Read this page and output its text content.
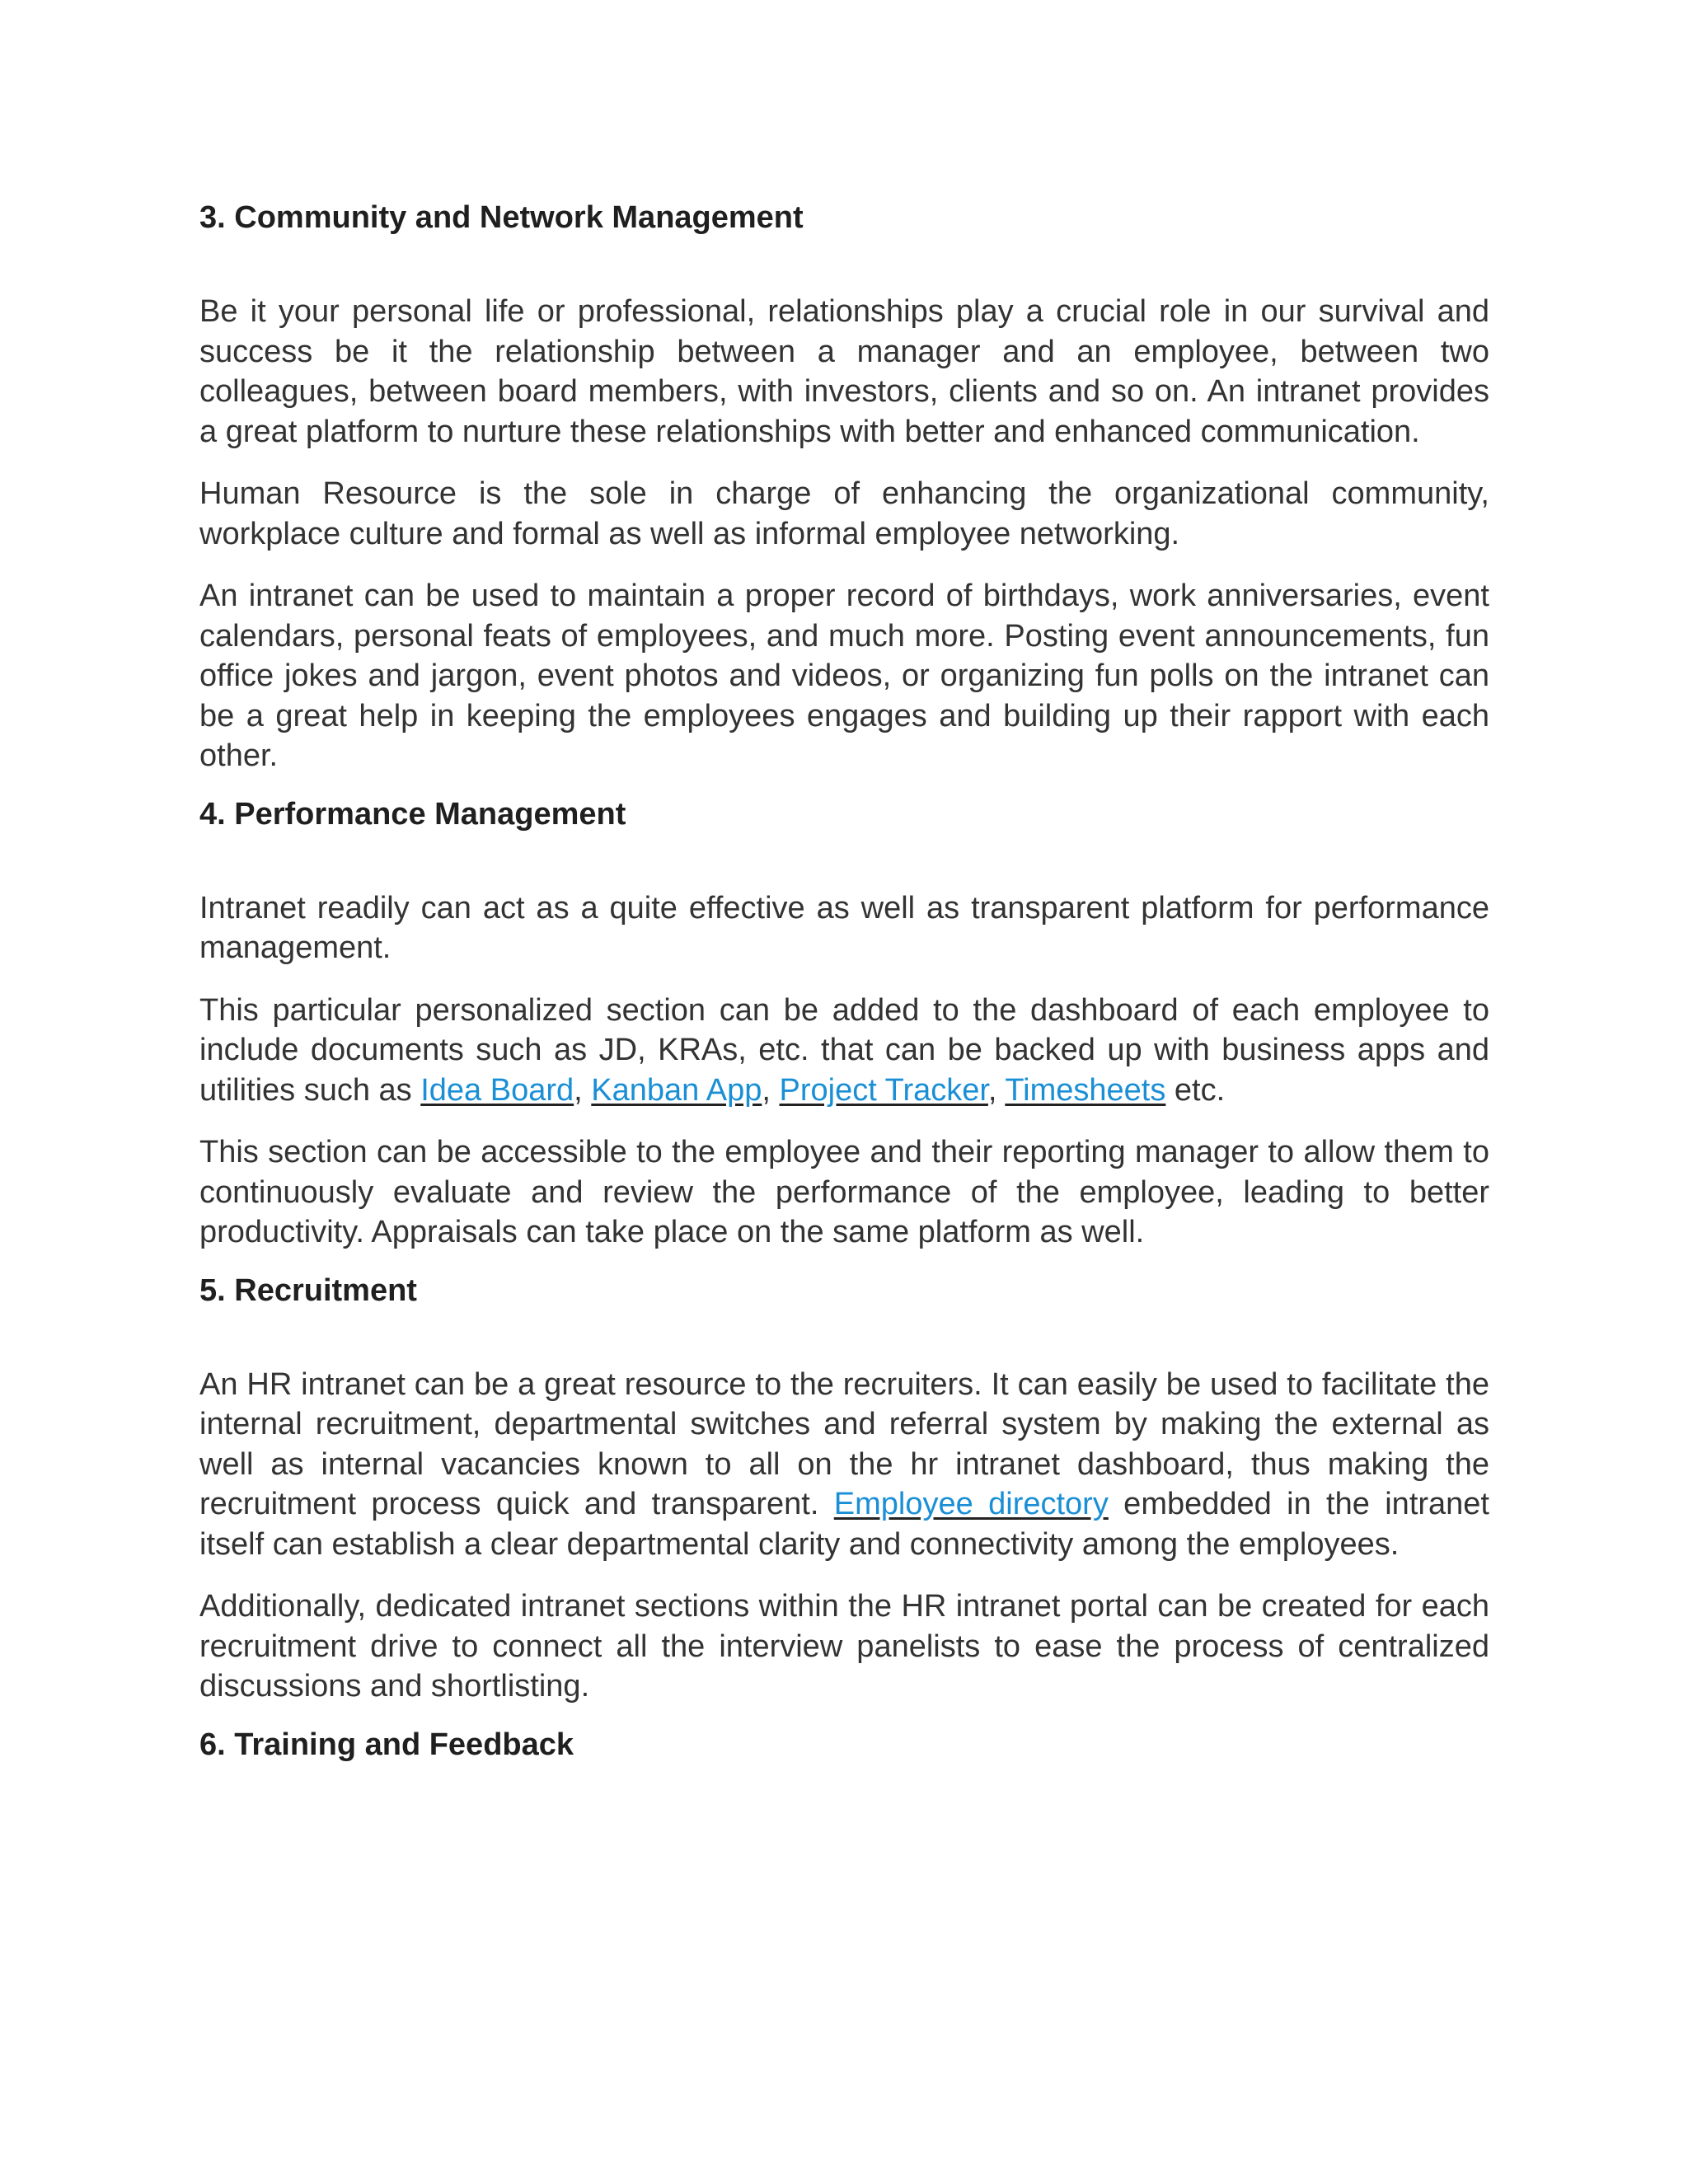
3. Community and Network Management

Be it your personal life or professional, relationships play a crucial role in our survival and success be it the relationship between a manager and an employee, between two colleagues, between board members, with investors, clients and so on. An intranet provides a great platform to nurture these relationships with better and enhanced communication.

Human Resource is the sole in charge of enhancing the organizational community, workplace culture and formal as well as informal employee networking.

An intranet can be used to maintain a proper record of birthdays, work anniversaries, event calendars, personal feats of employees, and much more. Posting event announcements, fun office jokes and jargon, event photos and videos, or organizing fun polls on the intranet can be a great help in keeping the employees engages and building up their rapport with each other.

4. Performance Management

Intranet readily can act as a quite effective as well as transparent platform for performance management.

This particular personalized section can be added to the dashboard of each employee to include documents such as JD, KRAs, etc. that can be backed up with business apps and utilities such as Idea Board, Kanban App, Project Tracker, Timesheets etc.

This section can be accessible to the employee and their reporting manager to allow them to continuously evaluate and review the performance of the employee, leading to better productivity. Appraisals can take place on the same platform as well.

5. Recruitment

An HR intranet can be a great resource to the recruiters. It can easily be used to facilitate the internal recruitment, departmental switches and referral system by making the external as well as internal vacancies known to all on the hr intranet dashboard, thus making the recruitment process quick and transparent. Employee directory embedded in the intranet itself can establish a clear departmental clarity and connectivity among the employees.

Additionally, dedicated intranet sections within the HR intranet portal can be created for each recruitment drive to connect all the interview panelists to ease the process of centralized discussions and shortlisting.

6. Training and Feedback
